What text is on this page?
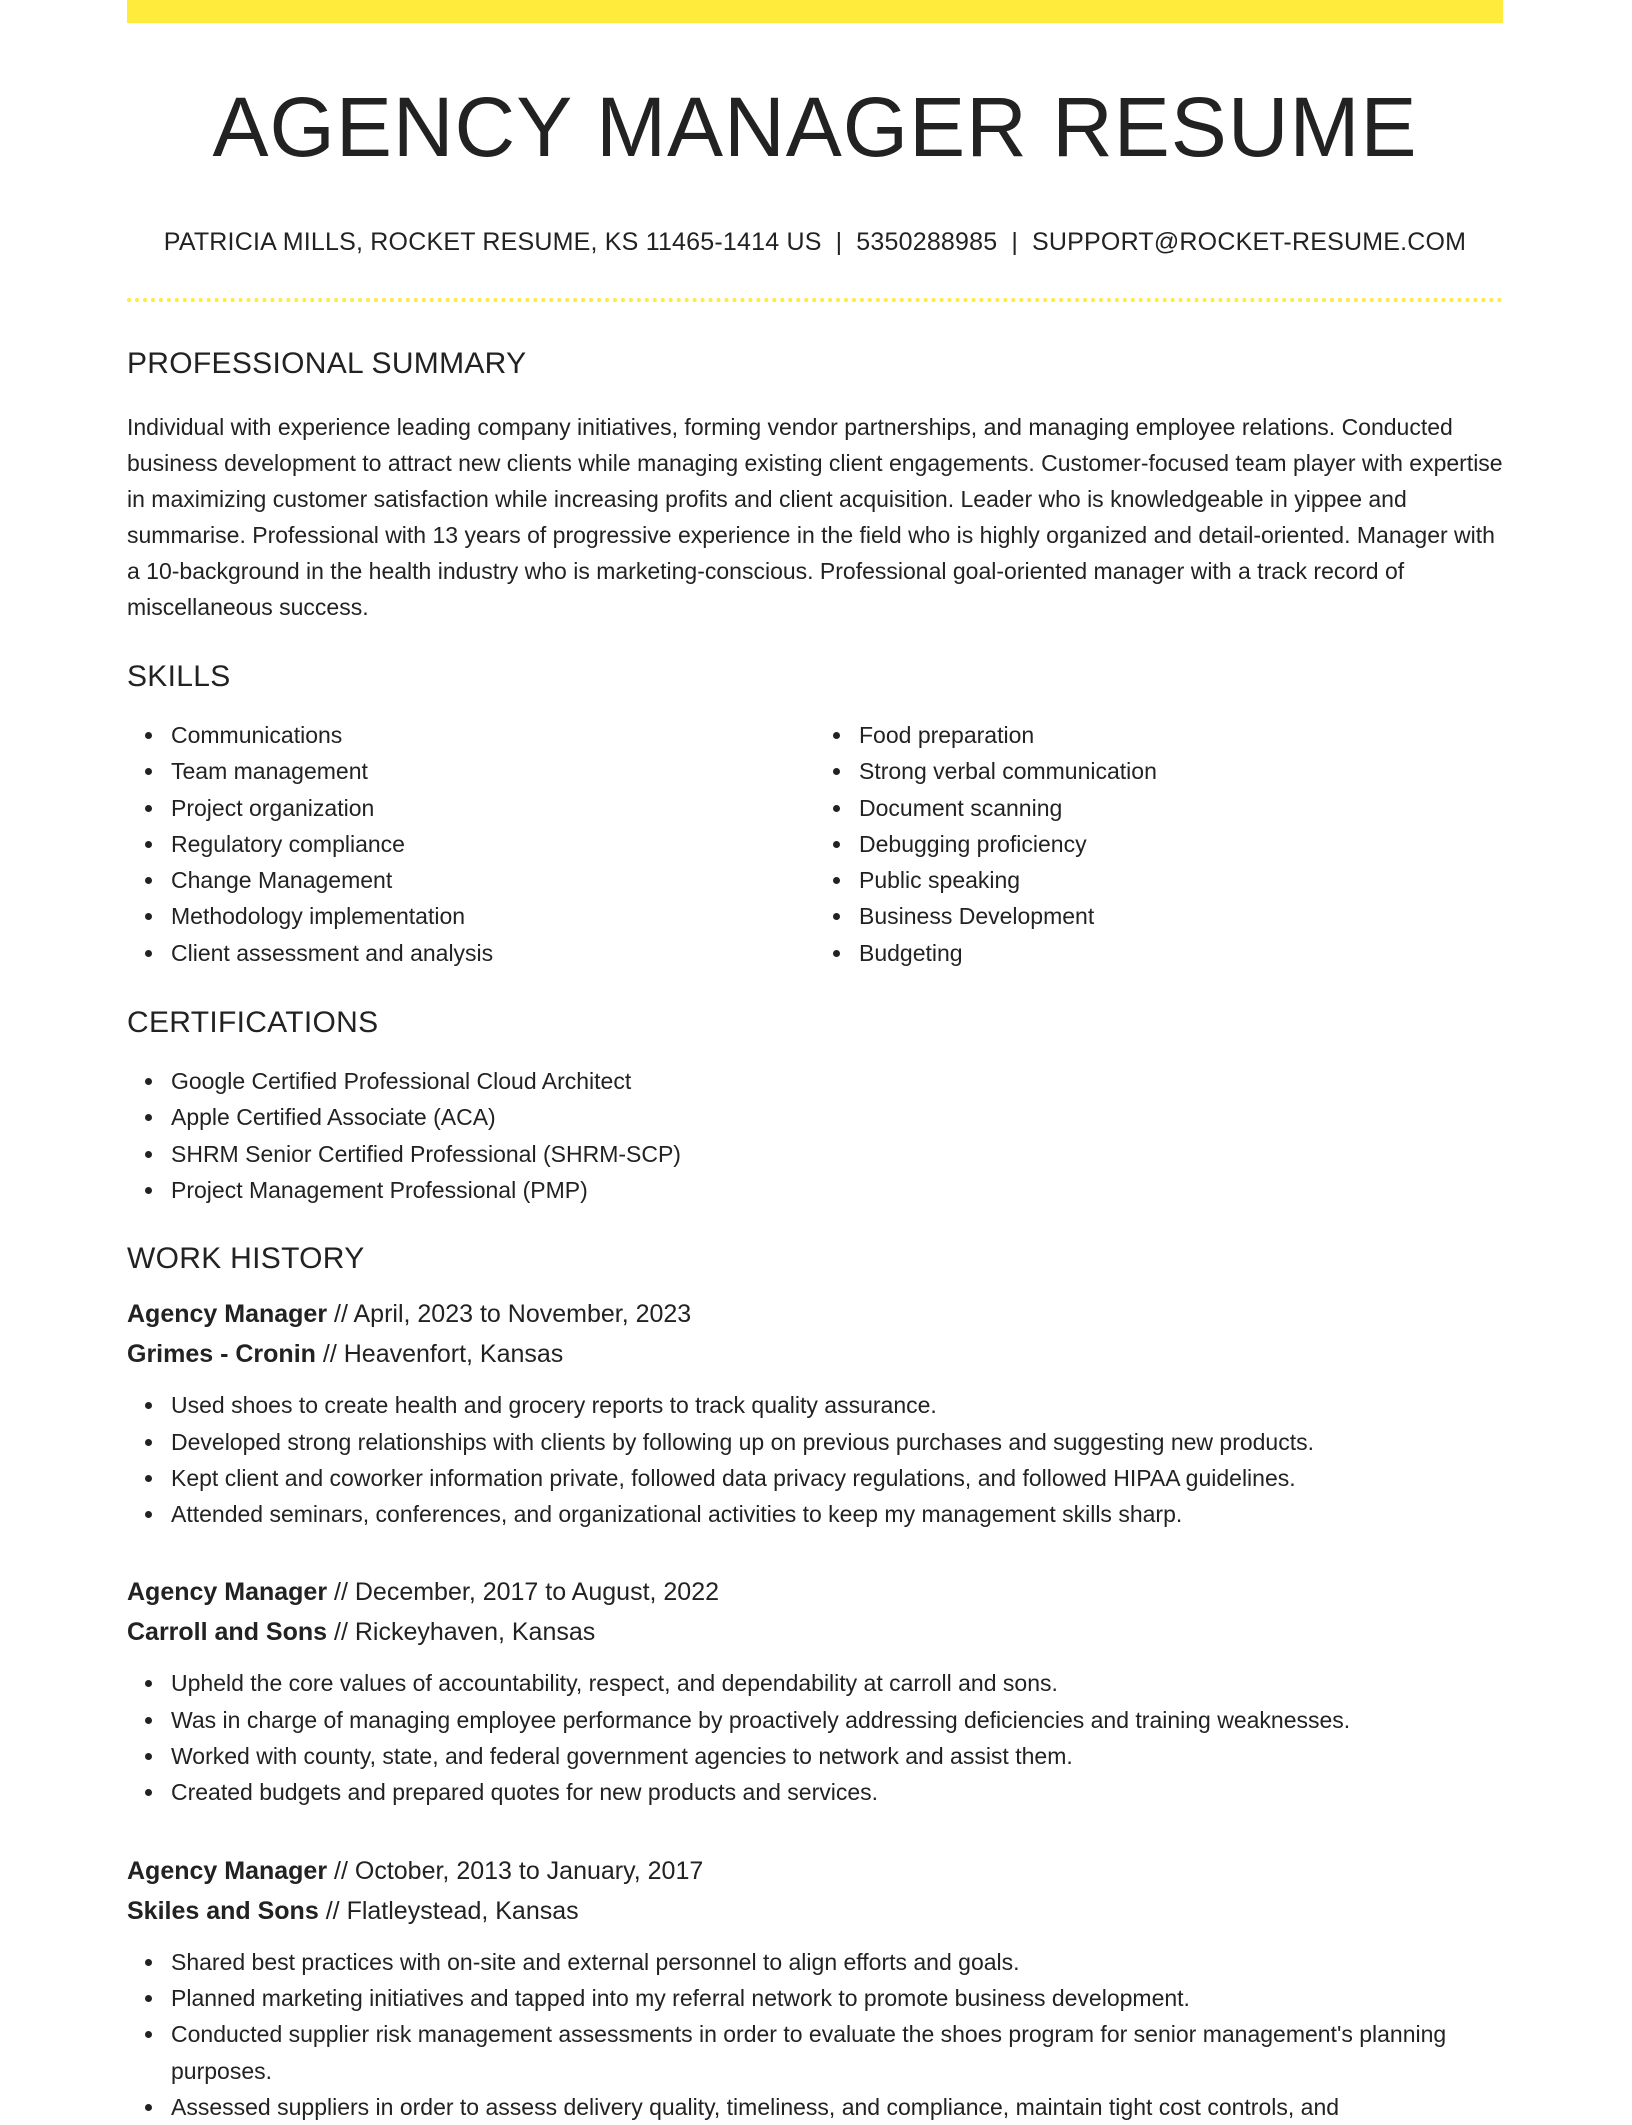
AGENCY MANAGER RESUME
PATRICIA MILLS, ROCKET RESUME, KS 11465-1414 US | 5350288985 | SUPPORT@ROCKET-RESUME.COM
PROFESSIONAL SUMMARY

Individual with experience leading company initiatives, forming vendor partnerships, and managing employee relations. Conducted business development to attract new clients while managing existing client engagements. Customer-focused team player with expertise in maximizing customer satisfaction while increasing profits and client acquisition. Leader who is knowledgeable in yippee and summarise. Professional with 13 years of progressive experience in the field who is highly organized and detail-oriented. Manager with a 10-background in the health industry who is marketing-conscious. Professional goal-oriented manager with a track record of miscellaneous success.

SKILLS
Communications
Team management
Project organization
Regulatory compliance
Change Management
Methodology implementation
Client assessment and analysis
Food preparation
Strong verbal communication
Document scanning
Debugging proficiency
Public speaking
Business Development
Budgeting
CERTIFICATIONS
Google Certified Professional Cloud Architect
Apple Certified Associate (ACA)
SHRM Senior Certified Professional (SHRM-SCP)
Project Management Professional (PMP)
WORK HISTORY
Agency Manager // April, 2023 to November, 2023
Grimes - Cronin // Heavenfort, Kansas
Used shoes to create health and grocery reports to track quality assurance.
Developed strong relationships with clients by following up on previous purchases and suggesting new products.
Kept client and coworker information private, followed data privacy regulations, and followed HIPAA guidelines.
Attended seminars, conferences, and organizational activities to keep my management skills sharp.
Agency Manager // December, 2017 to August, 2022
Carroll and Sons // Rickeyhaven, Kansas
Upheld the core values of accountability, respect, and dependability at carroll and sons.
Was in charge of managing employee performance by proactively addressing deficiencies and training weaknesses.
Worked with county, state, and federal government agencies to network and assist them.
Created budgets and prepared quotes for new products and services.
Agency Manager // October, 2013 to January, 2017
Skiles and Sons // Flatleystead, Kansas
Shared best practices with on-site and external personnel to align efforts and goals.
Planned marketing initiatives and tapped into my referral network to promote business development.
Conducted supplier risk management assessments in order to evaluate the shoes program for senior management's planning purposes.
Assessed suppliers in order to assess delivery quality, timeliness, and compliance, maintain tight cost controls, and
